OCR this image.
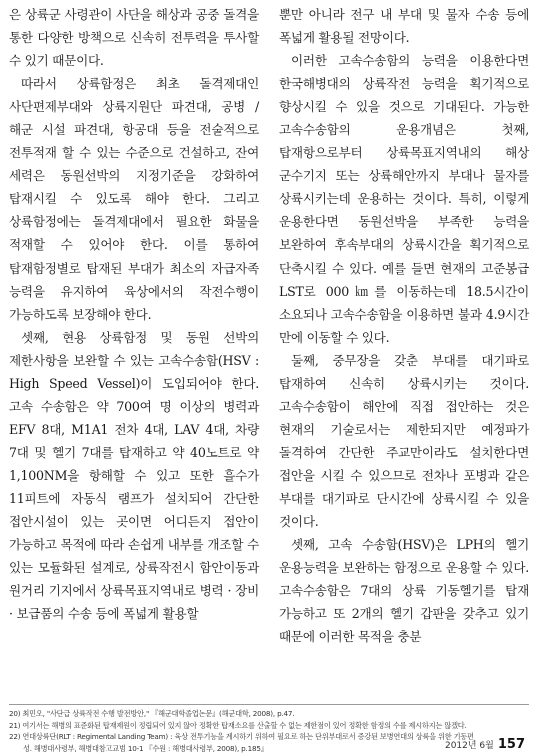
은 상륙군 사령관이 사단을 해상과 공중 돌격을 통한 다양한 방책으로 신속히 전투력을 투사할 수 있기 때문이다.

따라서 상륙함정은 최초 돌격제대인 사단편제부대와 상륙지원단 파견대, 공병 / 해군 시설 파견대, 항공대 등을 전술적으로 전투적재 할 수 있는 수준으로 건설하고, 잔여 세력은 동원선박의 지정기준을 강화하여 탑재시킬 수 있도록 해야 한다. 그리고 상륙함정에는 돌격제대에서 필요한 화물을 적재할 수 있어야 한다. 이를 통하여 탑재함정별로 탑재된 부대가 최소의 자급자족 능력을 유지하여 육상에서의 작전수행이 가능하도록 보장해야 한다.

셋째, 현용 상륙함정 및 동원 선박의 제한사항을 보완할 수 있는 고속수송함(HSV : High Speed Vessel)이 도입되어야 한다. 고속 수송함은 약 700여 명 이상의 병력과 EFV 8대, M1A1 전차 4대, LAV 4대, 차량 7대 및 헬기 7대를 탑재하고 약 40노트로 약 1,100NM을 항해할 수 있고 또한 흘수가 11피트에 자동식 램프가 설치되어 간단한 접안시설이 있는 곳이면 어디든지 접안이 가능하고 목적에 따라 손쉽게 내부를 개조할 수 있는 모듈화된 설계로, 상륙작전시 함안이동과 원거리 기지에서 상륙목표지역내로 병력 · 장비 · 보급품의 수송 등에 폭넓게 활용할

뿐만 아니라 전구 내 부대 및 물자 수송 등에 폭넓게 활용될 전망이다.

이러한 고속수송함의 능력을 이용한다면 한국해병대의 상륙작전 능력을 획기적으로 향상시킬 수 있을 것으로 기대된다. 가능한 고속수송함의 운용개념은 첫째, 탑재항으로부터 상륙목표지역내의 해상 군수기지 또는 상륙해안까지 부대나 물자를 상륙시키는데 운용하는 것이다. 특히, 이렇게 운용한다면 동원선박을 부족한 능력을 보완하여 후속부대의 상륙시간을 획기적으로 단축시킬 수 있다. 예를 들면 현재의 고준봉급 LST로 000㎞를 이동하는데 18.5시간이 소요되나 고속수송함을 이용하면 불과 4.9시간 만에 이동할 수 있다.

둘째, 중무장을 갖춘 부대를 대기파로 탑재하여 신속히 상륙시키는 것이다. 고속수송함이 해안에 직접 접안하는 것은 현재의 기술로서는 제한되지만 예정파가 돌격하여 간단한 주교만이라도 설치한다면 접안을 시킬 수 있으므로 전차나 포병과 같은 부대를 대기파로 단시간에 상륙시킬 수 있을 것이다.

셋째, 고속 수송함(HSV)은 LPH의 헬기 운용능력을 보완하는 함정으로 운용할 수 있다. 고속수송함은 7대의 상륙 기동헬기를 탑재 가능하고 또 2개의 헬기 갑판을 갖추고 있기 때문에 이러한 목적을 충분

20) 최민오, "사단급 상륙작전 수행 발전방안," 『해군대학졸업논문』(해군대학, 2008), p.47.
21) 여기서는 해병의 표준화된 탑재제원이 정립되어 있지 않아 정확한 탑재소요를 산출할 수 없는 제한점이 있어 정확한 함정의 수를 제시하지는 않겠다.
22) 연대상륙단(RLT : Regimental Landing Team) : 육상 전투기능을 계시하기 위하여 필요로 하는 단위부대로서 증강된 보병연대의 상륙을 위한 기동편
성. 해병대사령부, 해병대참고교범 10-1 『수원 : 해병대사령부, 2008), p.185』	2012년 6월 157
